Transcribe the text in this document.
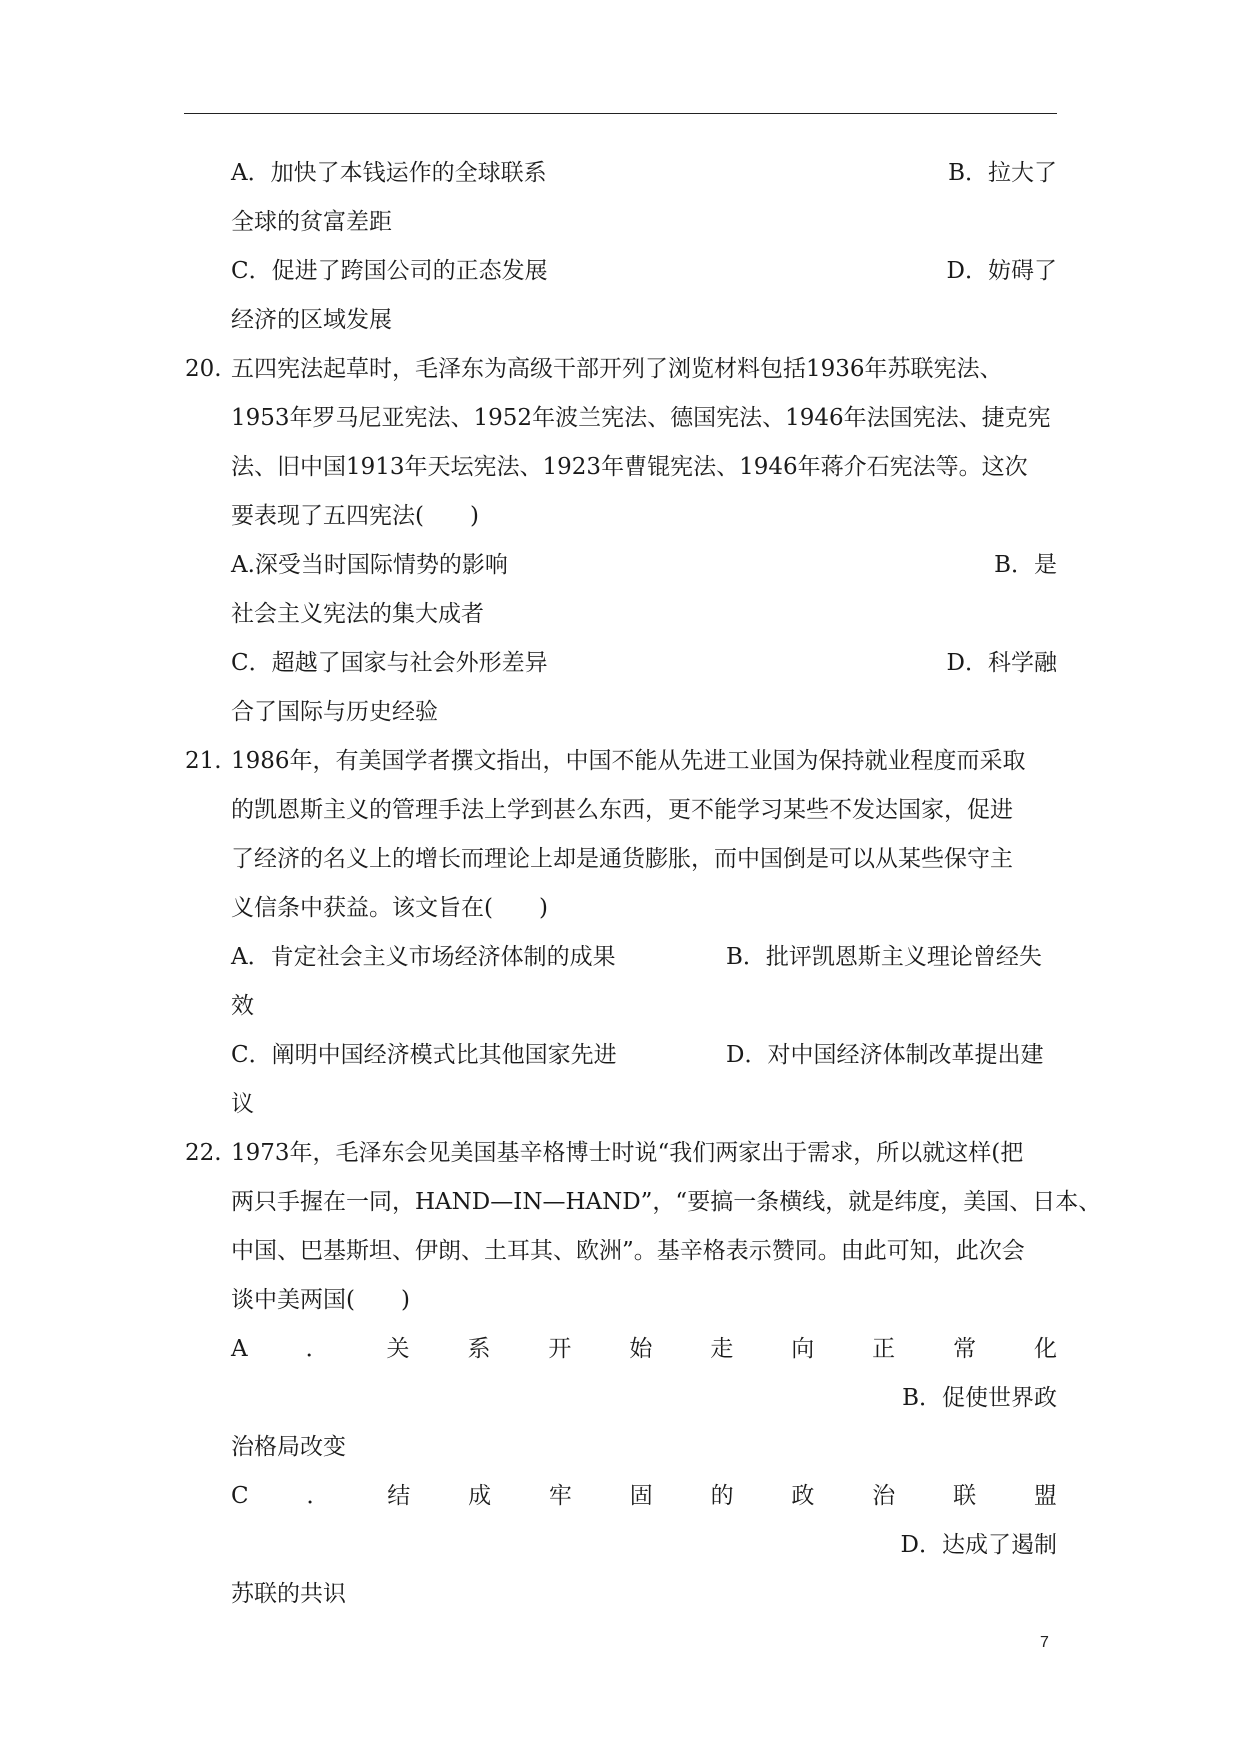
A．加快了本钱运作的全球联系	B．拉大了
全球的贫富差距
C．促进了跨国公司的正态发展	D．妨碍了
经济的区域发展
20. 五四宪法起草时，毛泽东为高级干部开列了浏览材料包括1936年苏联宪法、
1953年罗马尼亚宪法、1952年波兰宪法、德国宪法、1946年法国宪法、捷克宪
法、旧中国1913年天坛宪法、1923年曹锟宪法、1946年蒋介石宪法等。这次
要表现了五四宪法(　　)
A.深受当时国际情势的影响	B．是
社会主义宪法的集大成者
C．超越了国家与社会外形差异	D．科学融
合了国际与历史经验
21. 1986年，有美国学者撰文指出，中国不能从先进工业国为保持就业程度而采取
的凯恩斯主义的管理手法上学到甚么东西，更不能学习某些不发达国家，促进
了经济的名义上的增长而理论上却是通货膨胀，而中国倒是可以从某些保守主
义信条中获益。该文旨在(　　)
A．肯定社会主义市场经济体制的成果	B．批评凯恩斯主义理论曾经失
效
C．阐明中国经济模式比其他国家先进	D．对中国经济体制改革提出建
议
22. 1973年，毛泽东会见美国基辛格博士时说“我们两家出于需求，所以就这样(把
两只手握在一同，HAND—IN—HAND”，“要搞一条横线，就是纬度，美国、日本、
中国、巴基斯坦、伊朗、土耳其、欧洲”。基辛格表示赞同。由此可知，此次会
谈中美两国(　　)
A	．	关	系	开	始	走	向	正	常	化
B．促使世界政
治格局改变
C	．	结	成	牢	固	的	政	治	联	盟
D．达成了遏制
苏联的共识
7
